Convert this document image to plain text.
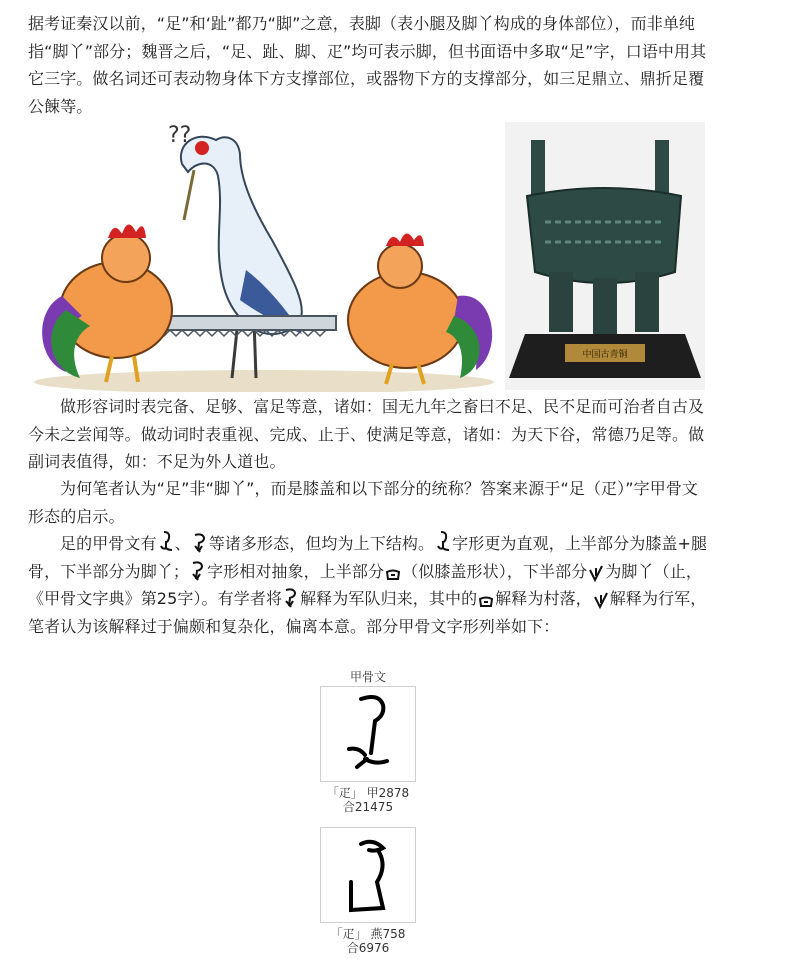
据考证秦汉以前，“足”和‘趾”都乃“脚”之意，表脚（表小腿及脚丫构成的身体部位），而非单纯指“脚丫”部分；魏晋之后，“足、趾、脚、疋”均可表示脚，但书面语中多取“足”字，口语中用其它三字。做名词还可表动物身体下方支撑部位，或器物下方的支撑部分，如三足鼎立、鼎折足覆公餗等。

??
中国古青铜

做形容词时表完备、足够、富足等意，诸如：国无九年之畜曰不足、民不足而可治者自古及今未之尝闻等。做动词时表重视、完成、止于、使满足等意，诸如：为天下谷，常德乃足等。做副词表值得，如：不足为外人道也。

为何笔者认为“足”非“脚丫”，而是膝盖和以下部分的统称？答案来源于“足（疋）”字甲骨文形态的启示。

足的甲骨文有 、 等诸多形态，但均为上下结构。 字形更为直观，上半部分为膝盖+腿骨，下半部分为脚丫； 字形相对抽象，上半部分 （似膝盖形状），下半部分 为脚丫（止，《甲骨文字典》第25字）。有学者将 解释为军队归来，其中的 解释为村落， 解释为行军，笔者认为该解释过于偏颇和复杂化，偏离本意。部分甲骨文字形列举如下：

甲骨文
「疋」 甲2878
合21475
「疋」 燕758
合6976
